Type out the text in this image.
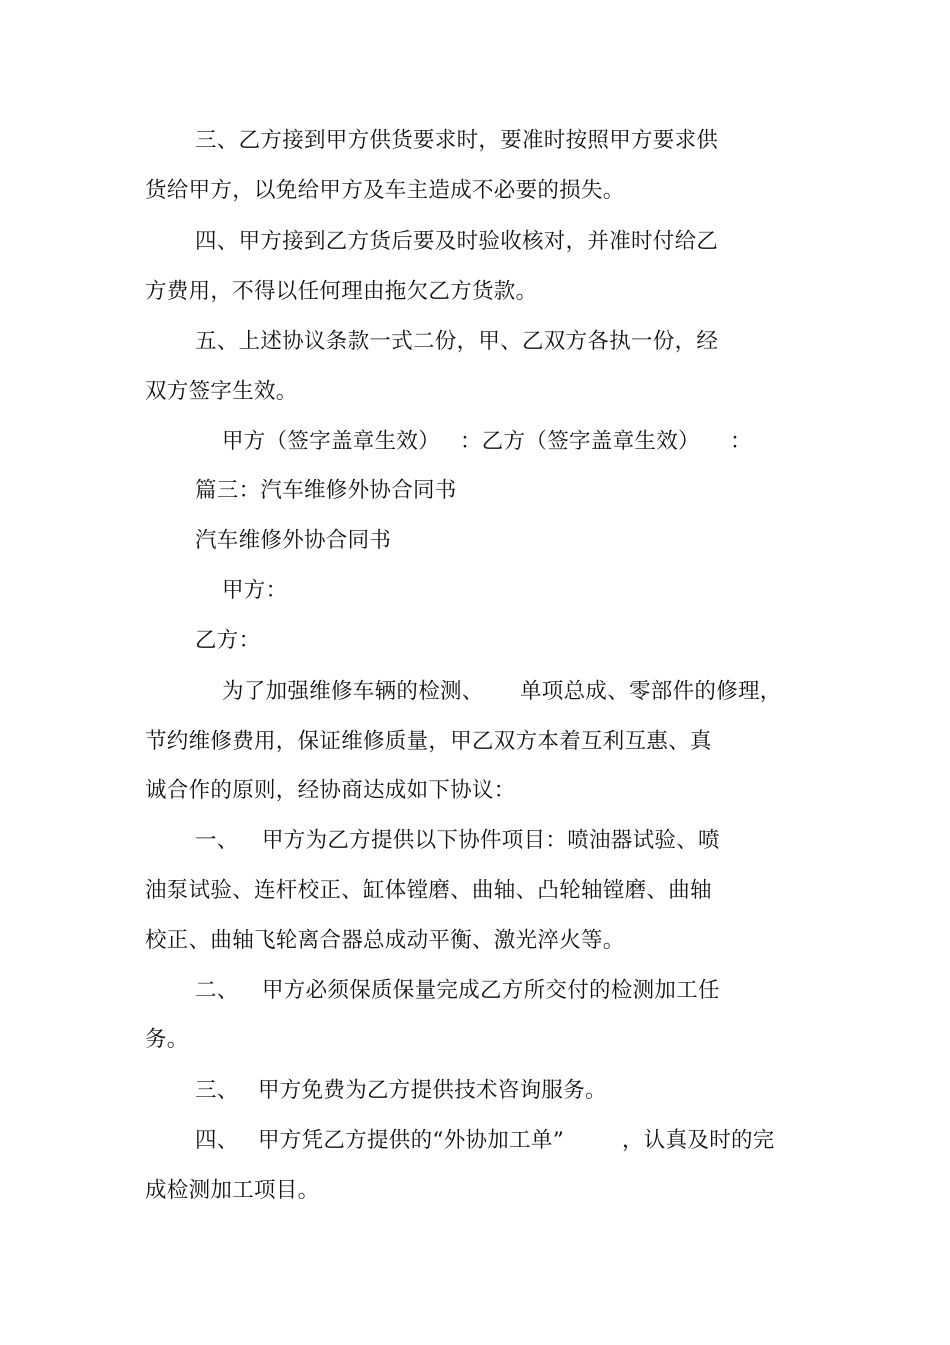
三、乙方接到甲方供货要求时，要准时按照甲方要求供

货给甲方，以免给甲方及车主造成不必要的损失。

四、甲方接到乙方货后要及时验收核对，并准时付给乙

方费用，不得以任何理由拖欠乙方货款。

五、上述协议条款一式二份，甲、乙双方各执一份，经

双方签字生效。

甲方（签字盖章生效） ：乙方（签字盖章生效） ：

篇三：汽车维修外协合同书

汽车维修外协合同书

甲方：

乙方：

为了加强维修车辆的检测、 单项总成、零部件的修理，

节约维修费用，保证维修质量，甲乙双方本着互利互惠、真

诚合作的原则，经协商达成如下协议：

一、 甲方为乙方提供以下协件项目：喷油器试验、喷

油泵试验、连杆校正、缸体镗磨、曲轴、凸轮轴镗磨、曲轴

校正、曲轴飞轮离合器总成动平衡、激光淬火等。

二、 甲方必须保质保量完成乙方所交付的检测加工任

务。

三、 甲方免费为乙方提供技术咨询服务。

四、 甲方凭乙方提供的“外协加工单”	，认真及时的完

成检测加工项目。
